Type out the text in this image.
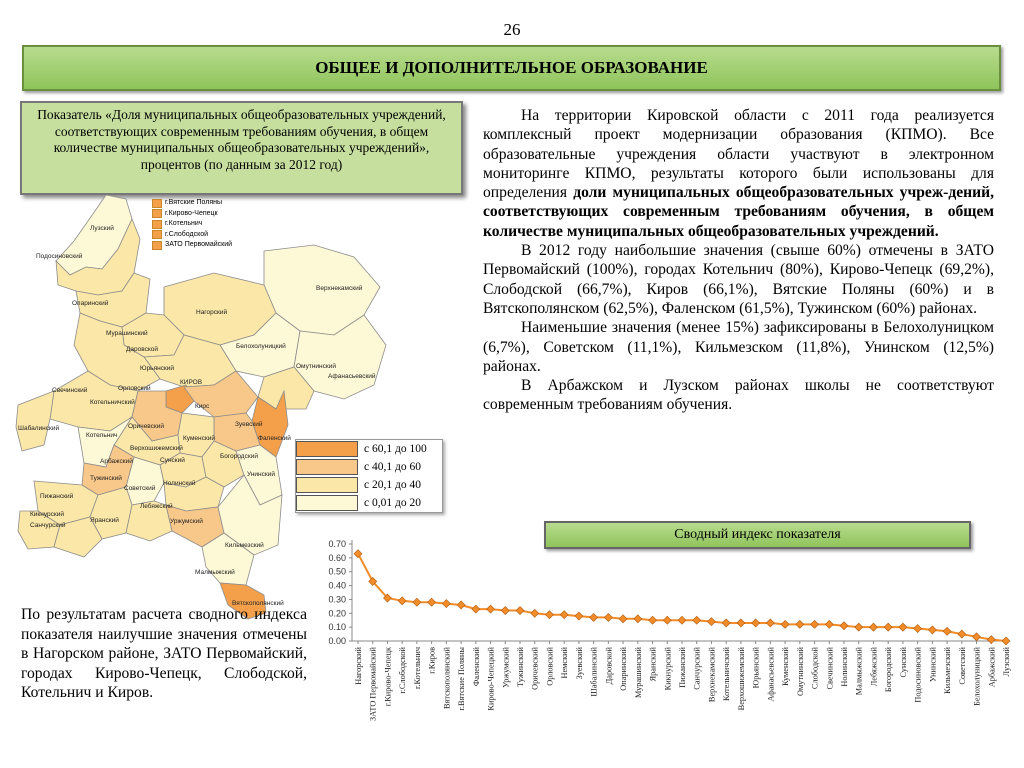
26
ОБЩЕЕ И ДОПОЛНИТЕЛЬНОЕ ОБРАЗОВАНИЕ
Показатель «Доля муниципальных общеобразовательных учреждений, соответствующих современным требованиям обучения, в общем количестве муниципальных общеобразовательных учреждений», процентов (по данным за 2012 год)

На территории Кировской области с 2011 года реализуется комплексный проект модернизации образования (КПМО). Все образовательные учреждения области участвуют в электронном мониторинге КПМО, результаты которого были использованы для определения доли муниципальных общеобразовательных учреж-дений, соответствующих современным требованиям обучения, в общем количестве муниципальных общеобразовательных учреждений.

В 2012 году наибольшие значения (свыше 60%) отмечены в ЗАТО Первомайский (100%), городах Котельнич (80%), Кирово-Чепецк (69,2%), Слободской (66,7%), Киров (66,1%), Вятские Поляны (60%) и в Вятскополянском (62,5%), Фаленском (61,5%), Тужинском (60%) районах.

Наименьшие значения (менее 15%) зафиксированы в Белохолуницком (6,7%), Советском (11,1%), Кильмезском (11,8%), Унинском (12,5%) районах.

В Арбажском и Лузском районах школы не соответствуют современным требованиям обучения.

Лузский
Подосиновский
Опаринский
Верхнекамский
Нагорский
Мурашинский
Белохолуницкий
Даровской
Юрьянский	Омутнинский
Афанасьевский
Свечинский
Котельничский
Кильмезский
Уржумский
Малмыжский
Вятскополянский
Санчурский
Яранский
Тужинский
Арбажский
Шабалинский
Орловский
Оричевский
Верхошижемский
Куменский
Зуевский
Фаленский
Кирс
Сунский
Нолинский
Богородский
Унинский
Лебяжский
Советский
Пижанский
Кикнурский
Котельнич
КИРОВ
г.Вятские Поляны
г.Кирово-Чепецк
г.Котельнич
г.Слободской
ЗАТО Первомайский
с 60,1 до 100
с 40,1 до 60
с 20,1 до 40
с 0,01 до 20
Сводный индекс показателя
0.00
0.10
0.20
0.30
0.40
0.50
0.60
0.70
Нагорский ЗАТО Первомайский г.Кирово-Чепецк г.Слободской г.Котельнич г.Киров Вятскополянский г.Вятские Поляны Фаленский Кирово-Чепецкий Уржумский Тужинский Оричевский Орловский Немский Зуевский Шабалинский Даровской Опаринский Мурашинский Яранский Кикнурский Пижанский Санчурский Верхнекамский Котельничский Верхошижемский Юрьянский Афанасьевский Куменский Омутнинский Слободской Свечинский Нолинский Малмыжский Лебяжский Богородский Сунский Подосиновский Унинский Кильмезский Советский Белохолуницкий Арбажский Лузский
По результатам расчета сводного индекса показателя наилучшие значения отмечены в Нагорском районе, ЗАТО Первомайский, городах Кирово-Чепецк, Слободской, Котельнич и Киров.
